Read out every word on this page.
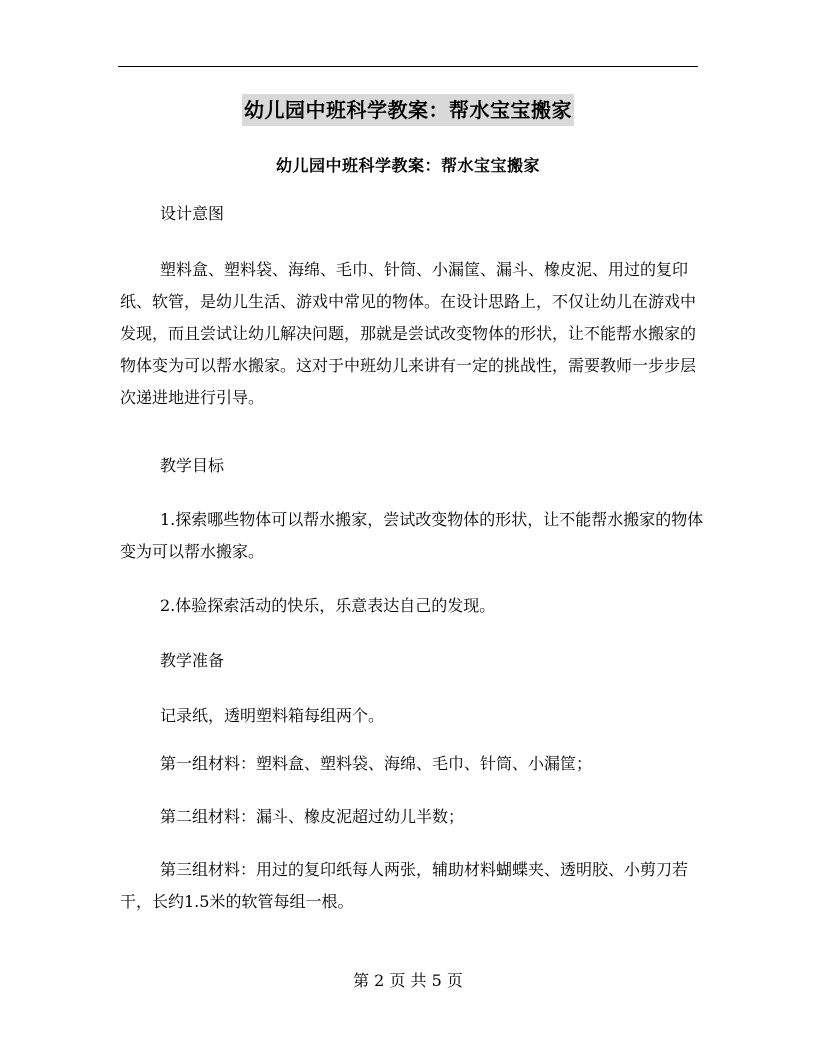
幼儿园中班科学教案：帮水宝宝搬家
幼儿园中班科学教案：帮水宝宝搬家

设计意图

塑料盒、塑料袋、海绵、毛巾、针筒、小漏筐、漏斗、橡皮泥、用过的复印纸、软管，是幼儿生活、游戏中常见的物体。在设计思路上，不仅让幼儿在游戏中发现，而且尝试让幼儿解决问题，那就是尝试改变物体的形状，让不能帮水搬家的物体变为可以帮水搬家。这对于中班幼儿来讲有一定的挑战性，需要教师一步步层次递进地进行引导。

教学目标

1.探索哪些物体可以帮水搬家，尝试改变物体的形状，让不能帮水搬家的物体变为可以帮水搬家。

2.体验探索活动的快乐，乐意表达自己的发现。

教学准备

记录纸，透明塑料箱每组两个。

第一组材料：塑料盒、塑料袋、海绵、毛巾、针筒、小漏筐；

第二组材料：漏斗、橡皮泥超过幼儿半数；

第三组材料：用过的复印纸每人两张，辅助材料蝴蝶夹、透明胶、小剪刀若干，长约1.5米的软管每组一根。

第 2 页 共 5 页
